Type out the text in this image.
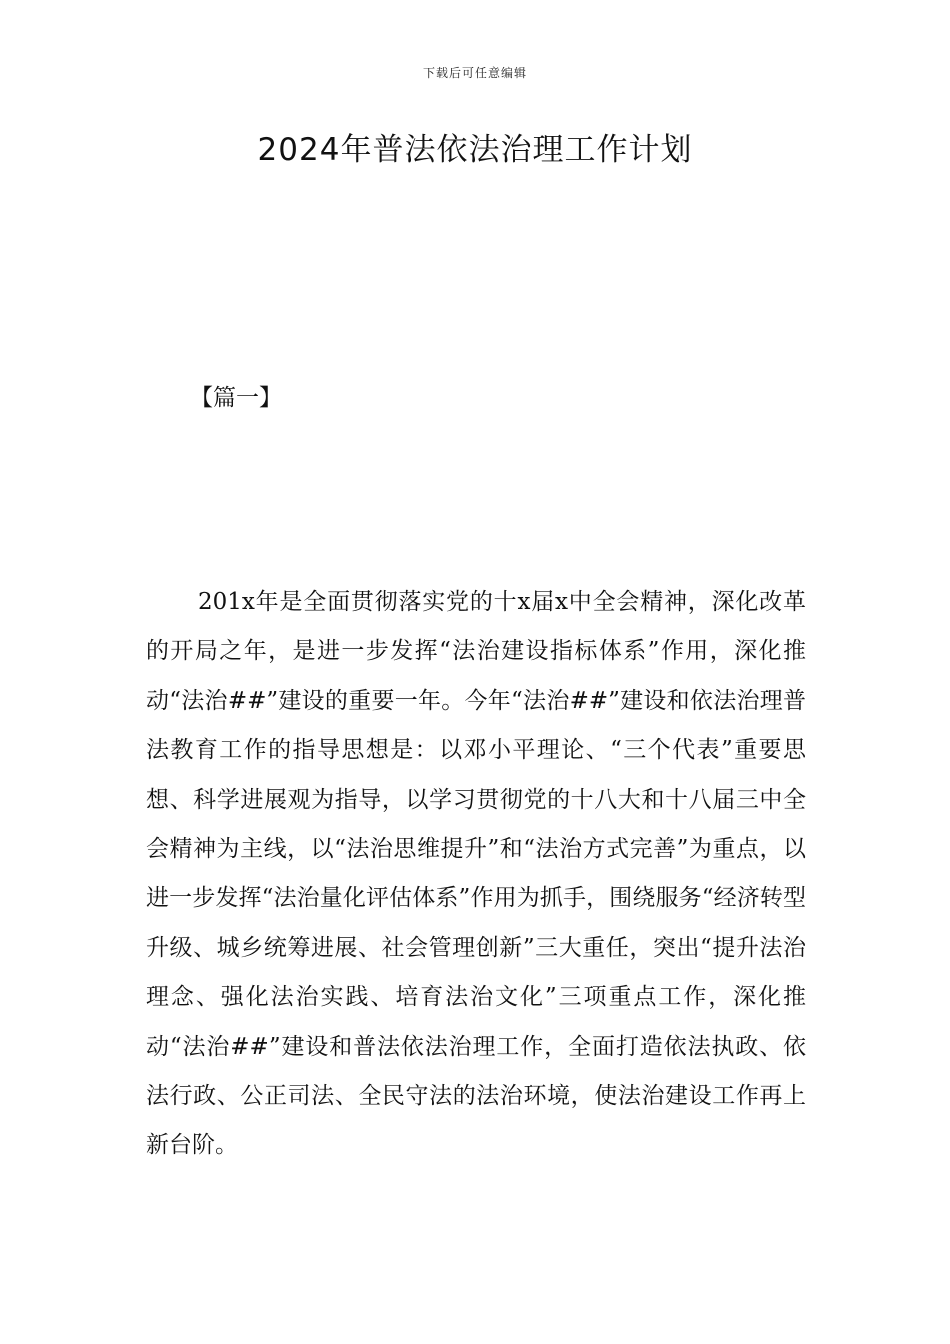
下载后可任意编辑
2024年普法依法治理工作计划
【篇一】

201x年是全面贯彻落实党的十x届x中全会精神，深化改革的开局之年，是进一步发挥“法治建设指标体系”作用，深化推动“法治##”建设的重要一年。今年“法治##”建设和依法治理普法教育工作的指导思想是：以邓小平理论、“三个代表”重要思想、科学进展观为指导，以学习贯彻党的十八大和十八届三中全会精神为主线，以“法治思维提升”和“法治方式完善”为重点，以进一步发挥“法治量化评估体系”作用为抓手，围绕服务“经济转型升级、城乡统筹进展、社会管理创新”三大重任，突出“提升法治理念、强化法治实践、培育法治文化”三项重点工作，深化推动“法治##”建设和普法依法治理工作，全面打造依法执政、依法行政、公正司法、全民守法的法治环境，使法治建设工作再上新台阶。
